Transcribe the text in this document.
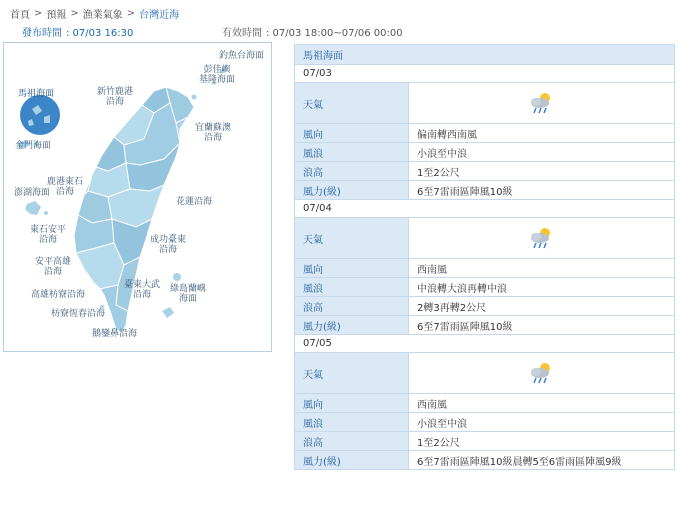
首頁 > 預報 > 漁業氣象 > 台灣近海
發布時間 : 07/03 16:30	有效時間 : 07/03 18:00~07/06 00:00
釣魚台海面
彭佳嶼
基隆海面
新竹鹿港
沿海
馬祖海面
宜蘭蘇澳
沿海
金門海面
鹿港東石
沿海
澎湖海面
花蓮沿海
東石安平
沿海	成功臺東
沿海
安平高雄
沿海
臺東大武
沿海
綠島蘭嶼
海面
高雄枋寮沿海
枋寮恆春沿海
鵝鑾鼻沿海
馬祖海面	
07/03	
天氣	
風向	偏南轉西南風
風浪	小浪至中浪
浪高	1至2公尺
風力(級)	6至7雷雨區陣風10級
07/04	
天氣	
風向	西南風
風浪	中浪轉大浪再轉中浪
浪高	2轉3再轉2公尺
風力(級)	6至7雷雨區陣風10級
07/05	
天氣	
風向	西南風
風浪	小浪至中浪
浪高	1至2公尺
風力(級)	6至7雷雨區陣風10級晨轉5至6雷雨區陣風9級
